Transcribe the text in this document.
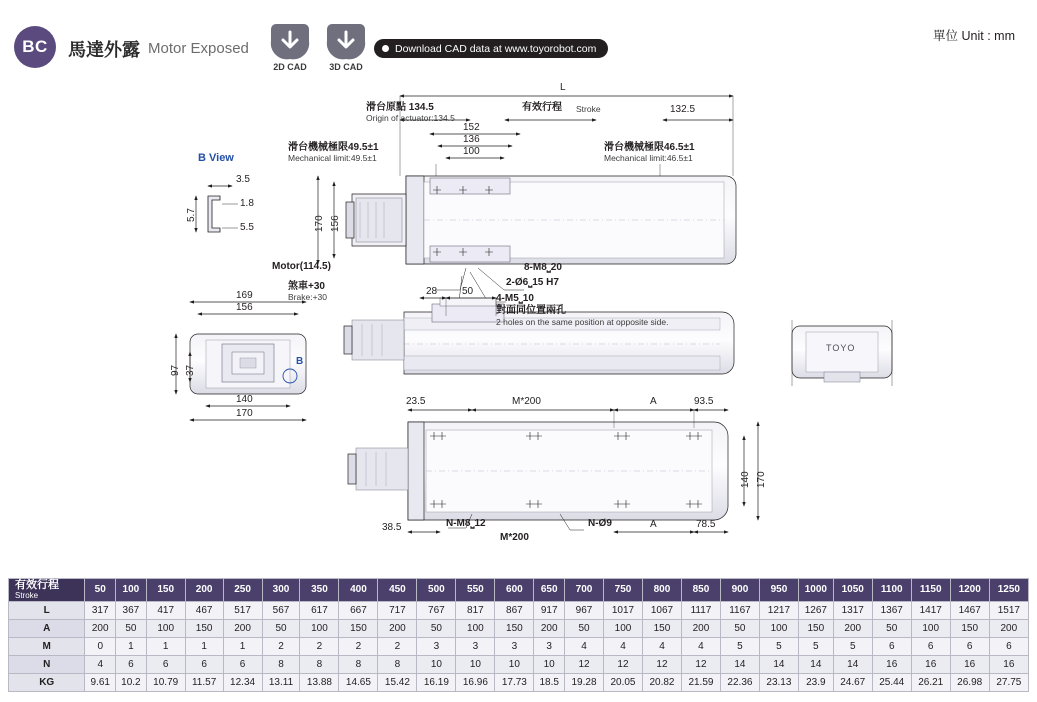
BC	馬達外露 Motor Exposed
2D CAD	3D CAD
Download CAD data at www.toyorobot.com
單位 Unit : mm
L
滑台原點 134.5
Origin of actuator:134.5
有效行程 Stroke	132.5
152
136
100
滑台機械極限49.5±1
Mechanical limit:49.5±1
滑台機械極限46.5±1
Mechanical limit:46.5±1
170 156
Motor(114.5)
煞車+30
Brake:+30
8-M8⎵20
2-Ø6⎵15 H7
4-M5⎵10
對面同位置兩孔
2 holes on the same position at opposite side.
28 50
B View
3.5
5.7
1.8
5.5
169
156
140
170
97 37
B
23.5	M*200	A	93.5
38.5	N-M8⎵12
M*200
N-Ø9	A	78.5
140 170
TOYO
有效行程
Stroke	50	100	150	200	250	300	350	400	450	500	550	600	650	700	750	800	850	900	950	1000	1050	1100	1150	1200	1250
L	317	367	417	467	517	567	617	667	717	767	817	867	917	967	1017	1067	1117	1167	1217	1267	1317	1367	1417	1467	1517
A	200	50	100	150	200	50	100	150	200	50	100	150	200	50	100	150	200	50	100	150	200	50	100	150	200
M	0	1	1	1	1	2	2	2	2	3	3	3	3	4	4	4	4	5	5	5	5	6	6	6	6
N	4	6	6	6	6	8	8	8	8	10	10	10	10	12	12	12	12	14	14	14	14	16	16	16	16
KG	9.61	10.2	10.79	11.57	12.34	13.11	13.88	14.65	15.42	16.19	16.96	17.73	18.5	19.28	20.05	20.82	21.59	22.36	23.13	23.9	24.67	25.44	26.21	26.98	27.75
